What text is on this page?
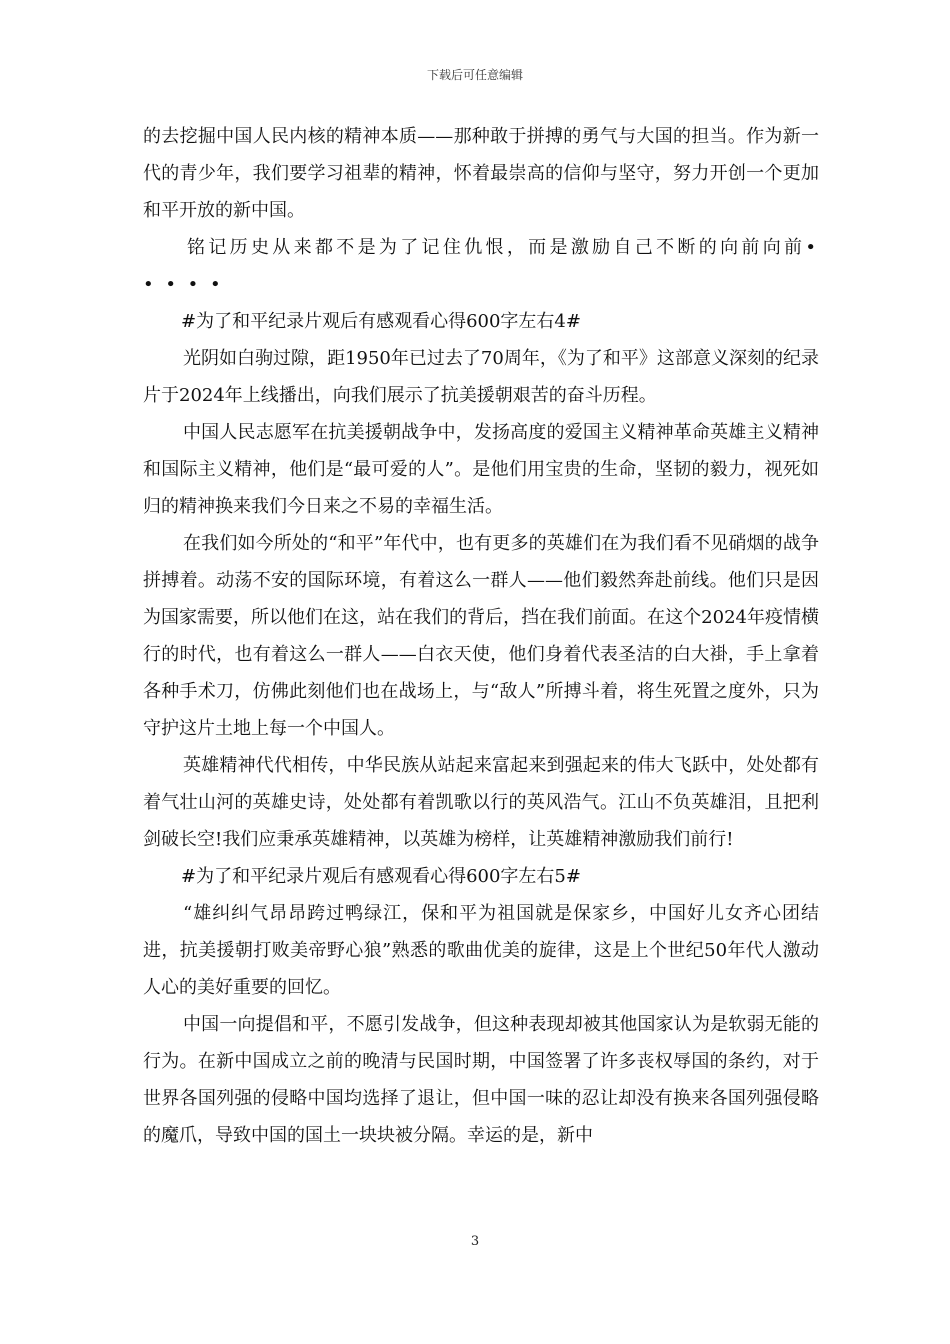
下载后可任意编辑

的去挖掘中国人民内核的精神本质——那种敢于拼搏的勇气与大国的担当。作为新一代的青少年，我们要学习祖辈的精神，怀着最崇高的信仰与坚守，努力开创一个更加和平开放的新中国。

铭记历史从来都不是为了记住仇恨，而是激励自己不断的向前向前• • • • •

#为了和平纪录片观后有感观看心得600字左右4#

光阴如白驹过隙，距1950年已过去了70周年，《为了和平》这部意义深刻的纪录片于2024年上线播出，向我们展示了抗美援朝艰苦的奋斗历程。

中国人民志愿军在抗美援朝战争中，发扬高度的爱国主义精神革命英雄主义精神和国际主义精神，他们是“最可爱的人”。是他们用宝贵的生命，坚韧的毅力，视死如归的精神换来我们今日来之不易的幸福生活。

在我们如今所处的“和平”年代中，也有更多的英雄们在为我们看不见硝烟的战争拼搏着。动荡不安的国际环境，有着这么一群人——他们毅然奔赴前线。他们只是因为国家需要，所以他们在这，站在我们的背后，挡在我们前面。在这个2024年疫情横行的时代，也有着这么一群人——白衣天使，他们身着代表圣洁的白大褂，手上拿着各种手术刀，仿佛此刻他们也在战场上，与“敌人”所搏斗着，将生死置之度外，只为守护这片土地上每一个中国人。

英雄精神代代相传，中华民族从站起来富起来到强起来的伟大飞跃中，处处都有着气壮山河的英雄史诗，处处都有着凯歌以行的英风浩气。江山不负英雄泪，且把利剑破长空!我们应秉承英雄精神，以英雄为榜样，让英雄精神激励我们前行!

#为了和平纪录片观后有感观看心得600字左右5#

“雄纠纠气昂昂跨过鸭绿江，保和平为祖国就是保家乡，中国好儿女齐心团结进，抗美援朝打败美帝野心狼”熟悉的歌曲优美的旋律，这是上个世纪50年代人激动人心的美好重要的回忆。

中国一向提倡和平，不愿引发战争，但这种表现却被其他国家认为是软弱无能的行为。在新中国成立之前的晚清与民国时期，中国签署了许多丧权辱国的条约，对于世界各国列强的侵略中国均选择了退让，但中国一味的忍让却没有换来各国列强侵略的魔爪，导致中国的国土一块块被分隔。幸运的是，新中

3
